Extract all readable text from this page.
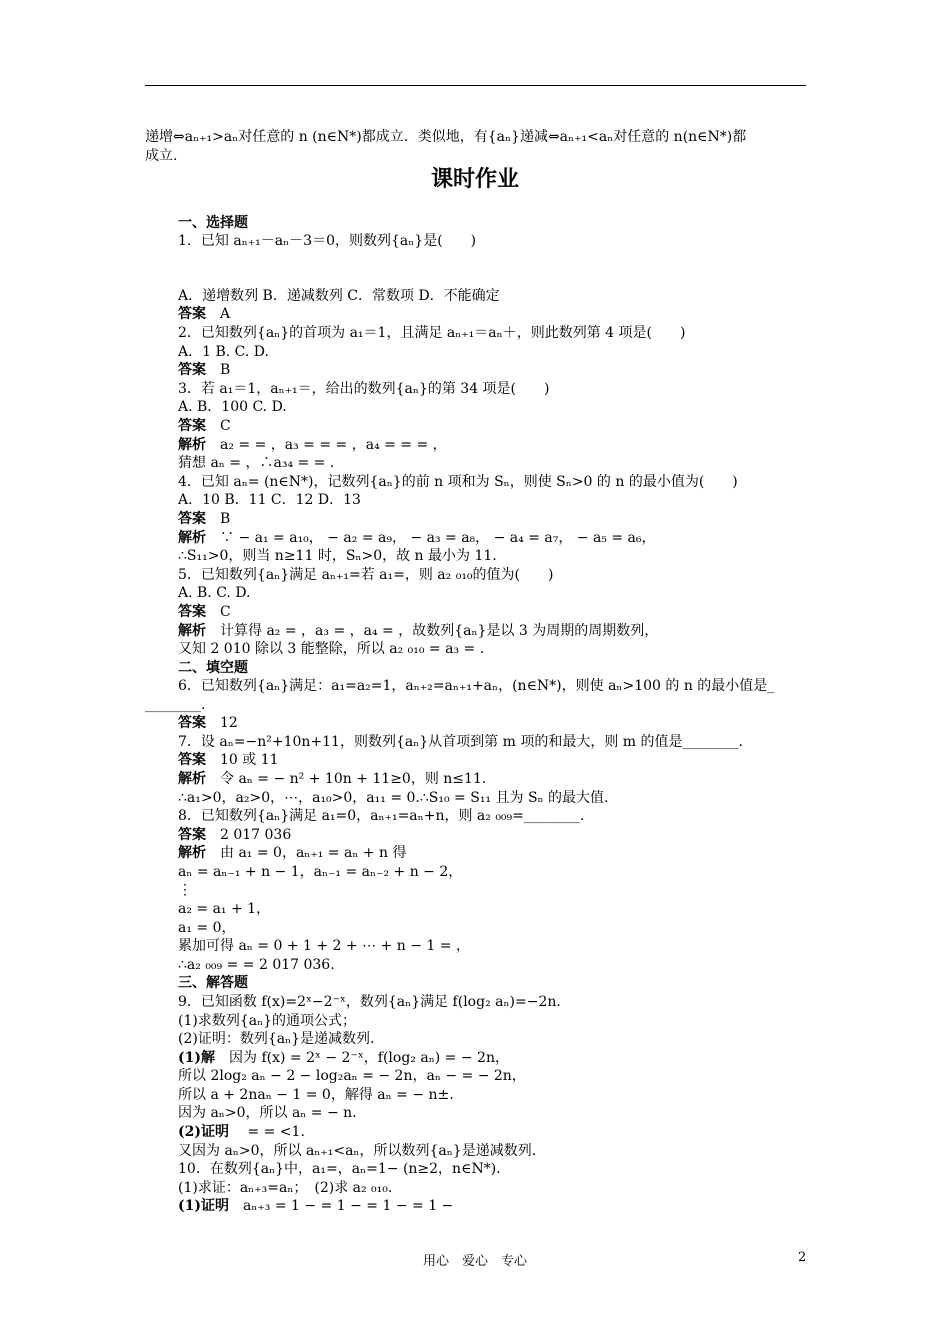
递增⇔aₙ₊₁>aₙ对任意的 n (n∈N*)都成立．类似地，有{aₙ}递减⇔aₙ₊₁<aₙ对任意的 n(n∈N*)都
成立.
课时作业
一、选择题
1．已知 aₙ₊₁－aₙ－3＝0，则数列{aₙ}是(　　)
A．递增数列 B．递减数列 C．常数项 D．不能确定
答案　A
2．已知数列{aₙ}的首项为 a₁＝1，且满足 aₙ₊₁＝aₙ＋，则此数列第 4 项是(　　)
A．1 B. C. D.
答案　B
3．若 a₁＝1，aₙ₊₁＝，给出的数列{aₙ}的第 34 项是(　　)
A. B．100 C. D.
答案　C
解析　a₂ = = ，a₃ = = = ，a₄ = = = ，
猜想 aₙ = ，∴a₃₄ = = .
4．已知 aₙ= (n∈N*)，记数列{aₙ}的前 n 项和为 Sₙ，则使 Sₙ>0 的 n 的最小值为(　　)
A．10 B．11 C．12 D．13
答案　B
解析　∵ − a₁ = a₁₀， − a₂ = a₉， − a₃ = a₈， − a₄ = a₇， − a₅ = a₆，
∴S₁₁>0，则当 n≥11 时，Sₙ>0，故 n 最小为 11.
5．已知数列{aₙ}满足 aₙ₊₁=若 a₁=，则 a₂ ₀₁₀的值为(　　)
A. B. C. D.
答案　C
解析　计算得 a₂ = ，a₃ = ，a₄ = ，故数列{aₙ}是以 3 为周期的周期数列，
又知 2 010 除以 3 能整除，所以 a₂ ₀₁₀ = a₃ = .
二、填空题
6．已知数列{aₙ}满足：a₁=a₂=1，aₙ₊₂=aₙ₊₁+aₙ，(n∈N*)，则使 aₙ>100 的 n 的最小值是_
________.
答案　12
7．设 aₙ=−n²+10n+11，则数列{aₙ}从首项到第 m 项的和最大，则 m 的值是________.
答案　10 或 11
解析　令 aₙ = − n² + 10n + 11≥0，则 n≤11.
∴a₁>0，a₂>0，⋯，a₁₀>0，a₁₁ = 0.∴S₁₀ = S₁₁ 且为 Sₙ 的最大值.
8．已知数列{aₙ}满足 a₁=0，aₙ₊₁=aₙ+n，则 a₂ ₀₀₉=________.
答案　2 017 036
解析　由 a₁ = 0，aₙ₊₁ = aₙ + n 得
aₙ = aₙ₋₁ + n − 1，aₙ₋₁ = aₙ₋₂ + n − 2，
⋮
a₂ = a₁ + 1，
a₁ = 0，
累加可得 aₙ = 0 + 1 + 2 + ⋯ + n − 1 = ，
∴a₂ ₀₀₉ = = 2 017 036.
三、解答题
9．已知函数 f(x)=2ˣ−2⁻ˣ，数列{aₙ}满足 f(log₂ aₙ)=−2n.
(1)求数列{aₙ}的通项公式；
(2)证明：数列{aₙ}是递减数列.
(1)解　因为 f(x) = 2ˣ − 2⁻ˣ，f(log₂ aₙ) = − 2n，
所以 2log₂ aₙ − 2 − log₂aₙ = − 2n，aₙ − = − 2n，
所以 a + 2naₙ − 1 = 0，解得 aₙ = − n±.
因为 aₙ>0，所以 aₙ = − n.
(2)证明　 = = <1.
又因为 aₙ>0，所以 aₙ₊₁<aₙ，所以数列{aₙ}是递减数列.
10．在数列{aₙ}中，a₁=，aₙ=1− (n≥2，n∈N*).
(1)求证：aₙ₊₃=aₙ；　(2)求 a₂ ₀₁₀.
(1)证明　aₙ₊₃ = 1 − = 1 − = 1 − = 1 −
用心　爱心　专心	2
